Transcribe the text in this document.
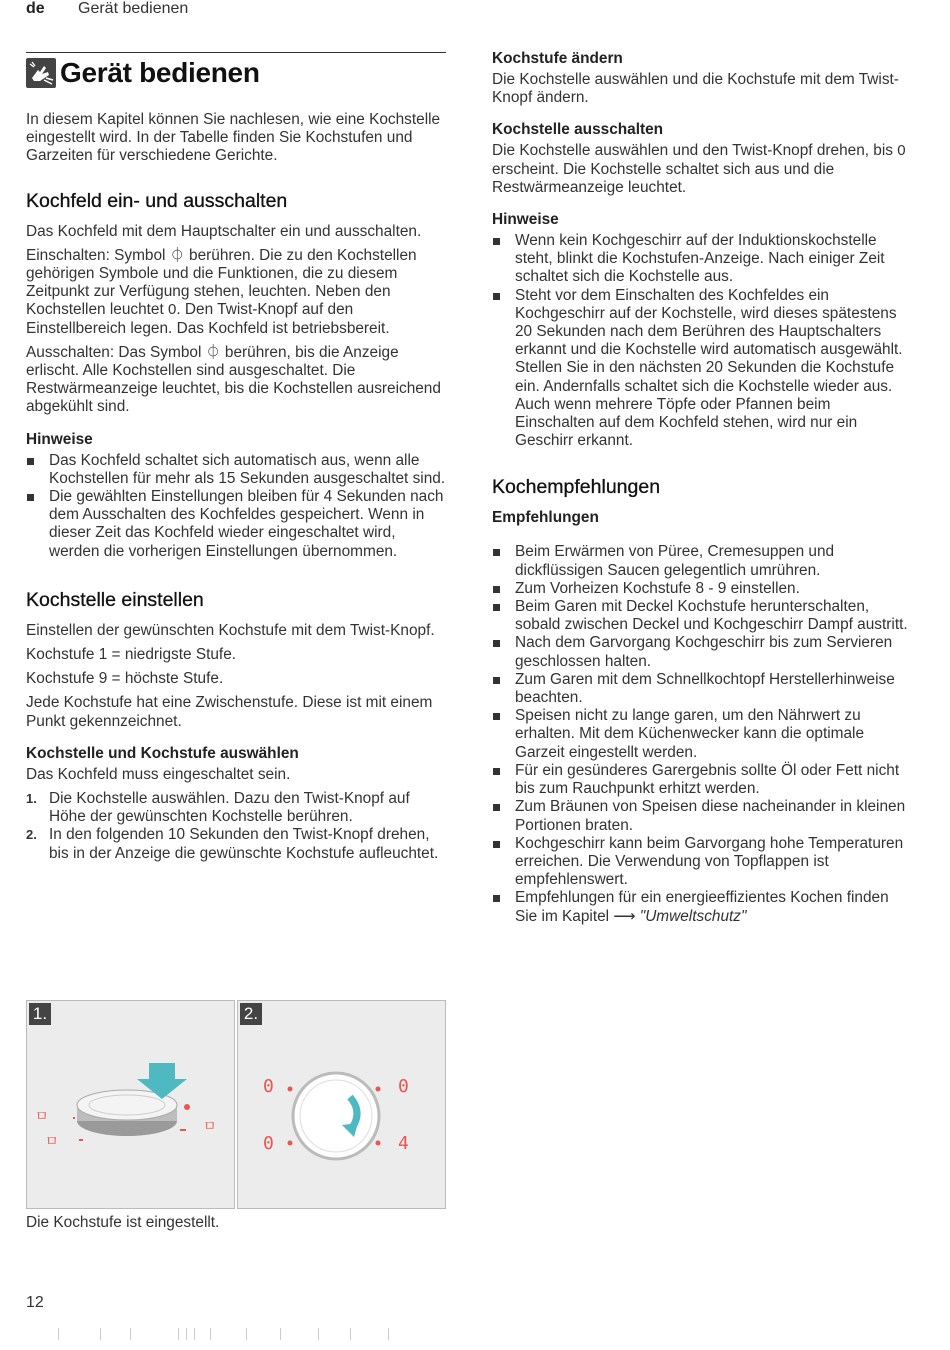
de Gerät bedienen
Gerät bedienen

In diesem Kapitel können Sie nachlesen, wie eine Kochstelle eingestellt wird. In der Tabelle finden Sie Kochstufen und Garzeiten für verschiedene Gerichte.

Kochfeld ein- und ausschalten

Das Kochfeld mit dem Hauptschalter ein und ausschalten.

Einschalten: Symbol ⏀ berühren. Die zu den Kochstellen gehörigen Symbole und die Funktionen, die zu diesem Zeitpunkt zur Verfügung stehen, leuchten. Neben den Kochstellen leuchtet 0. Den Twist-Knopf auf den Einstellbereich legen. Das Kochfeld ist betriebsbereit.

Ausschalten: Das Symbol ⏀ berühren, bis die Anzeige erlischt. Alle Kochstellen sind ausgeschaltet. Die Restwärmeanzeige leuchtet, bis die Kochstellen ausreichend abgekühlt sind.

Hinweise
Das Kochfeld schaltet sich automatisch aus, wenn alle Kochstellen für mehr als 15 Sekunden ausgeschaltet sind.
Die gewählten Einstellungen bleiben für 4 Sekunden nach dem Ausschalten des Kochfeldes gespeichert. Wenn in dieser Zeit das Kochfeld wieder eingeschaltet wird, werden die vorherigen Einstellungen übernommen.
Kochstelle einstellen

Einstellen der gewünschten Kochstufe mit dem Twist-Knopf.

Kochstufe 1 = niedrigste Stufe.

Kochstufe 9 = höchste Stufe.

Jede Kochstufe hat eine Zwischenstufe. Diese ist mit einem Punkt gekennzeichnet.

Kochstelle und Kochstufe auswählen

Das Kochfeld muss eingeschaltet sein.

1. Die Kochstelle auswählen. Dazu den Twist-Knopf auf Höhe der gewünschten Kochstelle berühren.
2. In den folgenden 10 Sekunden den Twist-Knopf drehen, bis in der Anzeige die gewünschte Kochstufe aufleuchtet.
1.
ㅁ
ㅁ
ㅁ
2.
0	0
0	4
Die Kochstufe ist eingestellt.
Kochstufe ändern

Die Kochstelle auswählen und die Kochstufe mit dem Twist-Knopf ändern.

Kochstelle ausschalten

Die Kochstelle auswählen und den Twist-Knopf drehen, bis 0 erscheint. Die Kochstelle schaltet sich aus und die Restwärmeanzeige leuchtet.

Hinweise
Wenn kein Kochgeschirr auf der Induktionskochstelle steht, blinkt die Kochstufen-Anzeige. Nach einiger Zeit schaltet sich die Kochstelle aus.
Steht vor dem Einschalten des Kochfeldes ein Kochgeschirr auf der Kochstelle, wird dieses spätestens 20 Sekunden nach dem Berühren des Hauptschalters erkannt und die Kochstelle wird automatisch ausgewählt. Stellen Sie in den nächsten 20 Sekunden die Kochstufe ein. Andernfalls schaltet sich die Kochstelle wieder aus.
Auch wenn mehrere Töpfe oder Pfannen beim Einschalten auf dem Kochfeld stehen, wird nur ein Geschirr erkannt.
Kochempfehlungen
Empfehlungen
Beim Erwärmen von Püree, Cremesuppen und dickflüssigen Saucen gelegentlich umrühren.
Zum Vorheizen Kochstufe 8 - 9 einstellen.
Beim Garen mit Deckel Kochstufe herunterschalten, sobald zwischen Deckel und Kochgeschirr Dampf austritt.
Nach dem Garvorgang Kochgeschirr bis zum Servieren geschlossen halten.
Zum Garen mit dem Schnellkochtopf Herstellerhinweise beachten.
Speisen nicht zu lange garen, um den Nährwert zu erhalten. Mit dem Küchenwecker kann die optimale Garzeit eingestellt werden.
Für ein gesünderes Garergebnis sollte Öl oder Fett nicht bis zum Rauchpunkt erhitzt werden.
Zum Bräunen von Speisen diese nacheinander in kleinen Portionen braten.
Kochgeschirr kann beim Garvorgang hohe Temperaturen erreichen. Die Verwendung von Topflappen ist empfehlenswert.
Empfehlungen für ein energieeffizientes Kochen finden Sie im Kapitel ⟶ "Umweltschutz"
12
